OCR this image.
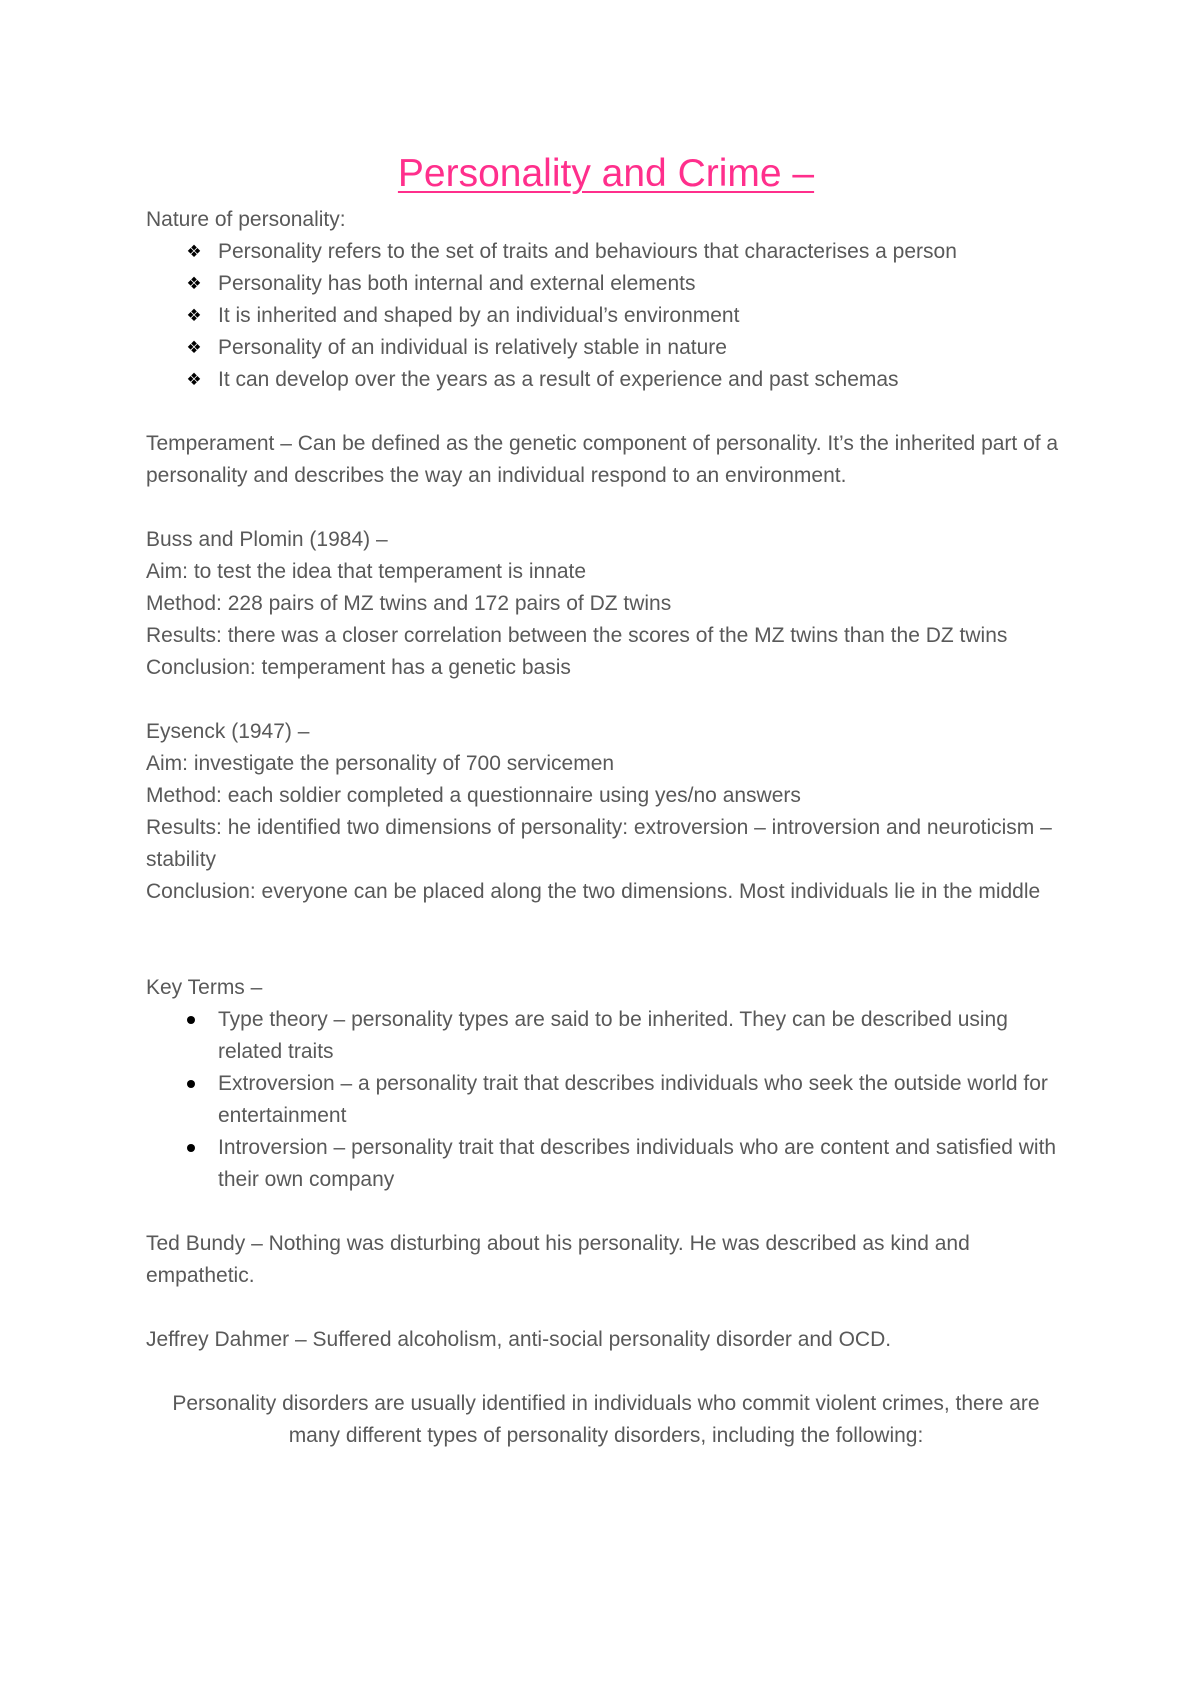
Personality and Crime –

Nature of personality:

❖ Personality refers to the set of traits and behaviours that characterises a person
❖ Personality has both internal and external elements
❖ It is inherited and shaped by an individual’s environment
❖ Personality of an individual is relatively stable in nature
❖ It can develop over the years as a result of experience and past schemas

Temperament – Can be defined as the genetic component of personality. It’s the inherited part of a personality and describes the way an individual respond to an environment.

Buss and Plomin (1984) –

Aim: to test the idea that temperament is innate

Method: 228 pairs of MZ twins and 172 pairs of DZ twins

Results: there was a closer correlation between the scores of the MZ twins than the DZ twins

Conclusion: temperament has a genetic basis

Eysenck (1947) –

Aim: investigate the personality of 700 servicemen

Method: each soldier completed a questionnaire using yes/no answers

Results: he identified two dimensions of personality: extroversion – introversion and neuroticism – stability

Conclusion: everyone can be placed along the two dimensions. Most individuals lie in the middle

Key Terms –

Type theory – personality types are said to be inherited. They can be described using related traits
Extroversion – a personality trait that describes individuals who seek the outside world for entertainment
Introversion – personality trait that describes individuals who are content and satisfied with their own company

Ted Bundy – Nothing was disturbing about his personality. He was described as kind and empathetic.

Jeffrey Dahmer – Suffered alcoholism, anti-social personality disorder and OCD.

Personality disorders are usually identified in individuals who commit violent crimes, there are many different types of personality disorders, including the following:
